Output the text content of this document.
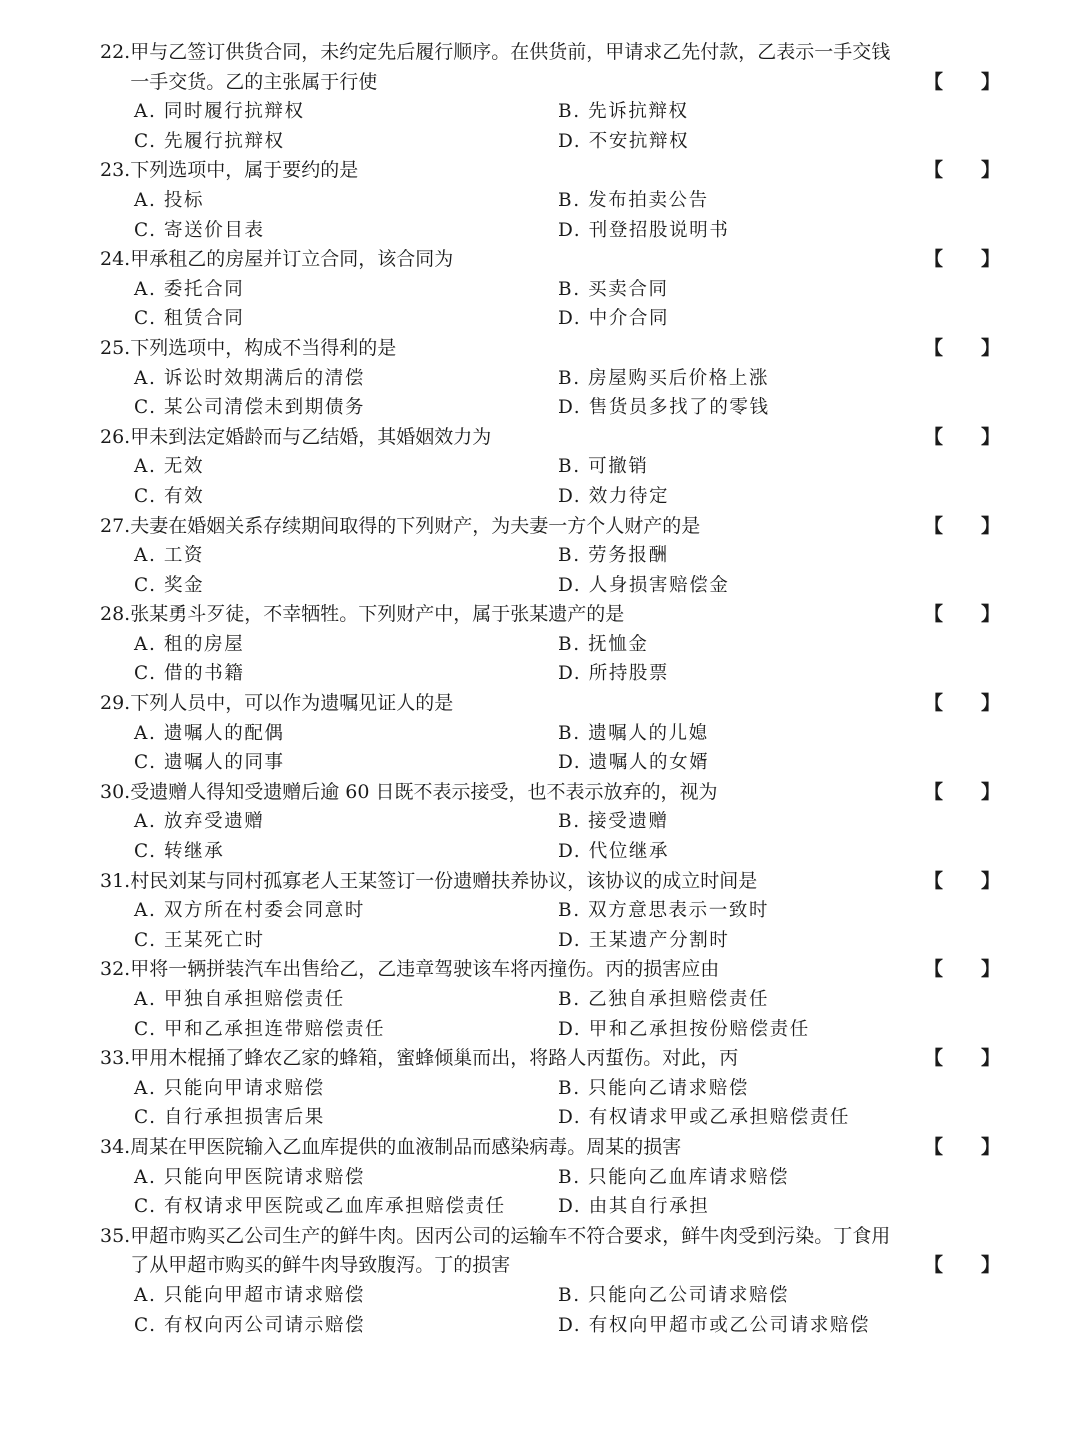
22. 甲与乙签订供货合同，未约定先后履行顺序。在供货前，甲请求乙先付款，乙表示一手交钱一手交货。乙的主张属于行使	【 】
A. 同时履行抗辩权	B. 先诉抗辩权
C. 先履行抗辩权	D. 不安抗辩权
23. 下列选项中，属于要约的是	【 】
A. 投标	B. 发布拍卖公告
C. 寄送价目表	D. 刊登招股说明书
24. 甲承租乙的房屋并订立合同，该合同为	【 】
A. 委托合同	B. 买卖合同
C. 租赁合同	D. 中介合同
25. 下列选项中，构成不当得利的是	【 】
A. 诉讼时效期满后的清偿	B. 房屋购买后价格上涨
C. 某公司清偿未到期债务	D. 售货员多找了的零钱
26. 甲未到法定婚龄而与乙结婚，其婚姻效力为	【 】
A. 无效	B. 可撤销
C. 有效	D. 效力待定
27. 夫妻在婚姻关系存续期间取得的下列财产，为夫妻一方个人财产的是	【 】
A. 工资	B. 劳务报酬
C. 奖金	D. 人身损害赔偿金
28. 张某勇斗歹徒，不幸牺牲。下列财产中，属于张某遗产的是	【 】
A. 租的房屋	B. 抚恤金
C. 借的书籍	D. 所持股票
29. 下列人员中，可以作为遗嘱见证人的是	【 】
A. 遗嘱人的配偶	B. 遗嘱人的儿媳
C. 遗嘱人的同事	D. 遗嘱人的女婿
30. 受遗赠人得知受遗赠后逾 60 日既不表示接受，也不表示放弃的，视为	【 】
A. 放弃受遗赠	B. 接受遗赠
C. 转继承	D. 代位继承
31. 村民刘某与同村孤寡老人王某签订一份遗赠扶养协议，该协议的成立时间是	【 】
A. 双方所在村委会同意时	B. 双方意思表示一致时
C. 王某死亡时	D. 王某遗产分割时
32. 甲将一辆拼装汽车出售给乙，乙违章驾驶该车将丙撞伤。丙的损害应由	【 】
A. 甲独自承担赔偿责任	B. 乙独自承担赔偿责任
C. 甲和乙承担连带赔偿责任	D. 甲和乙承担按份赔偿责任
33. 甲用木棍捅了蜂农乙家的蜂箱，蜜蜂倾巢而出，将路人丙蜇伤。对此，丙	【 】
A. 只能向甲请求赔偿	B. 只能向乙请求赔偿
C. 自行承担损害后果	D. 有权请求甲或乙承担赔偿责任
34. 周某在甲医院输入乙血库提供的血液制品而感染病毒。周某的损害	【 】
A. 只能向甲医院请求赔偿	B. 只能向乙血库请求赔偿
C. 有权请求甲医院或乙血库承担赔偿责任	D. 由其自行承担
35. 甲超市购买乙公司生产的鲜牛肉。因丙公司的运输车不符合要求，鲜牛肉受到污染。丁食用了从甲超市购买的鲜牛肉导致腹泻。丁的损害	【 】
A. 只能向甲超市请求赔偿	B. 只能向乙公司请求赔偿
C. 有权向丙公司请示赔偿	D. 有权向甲超市或乙公司请求赔偿
